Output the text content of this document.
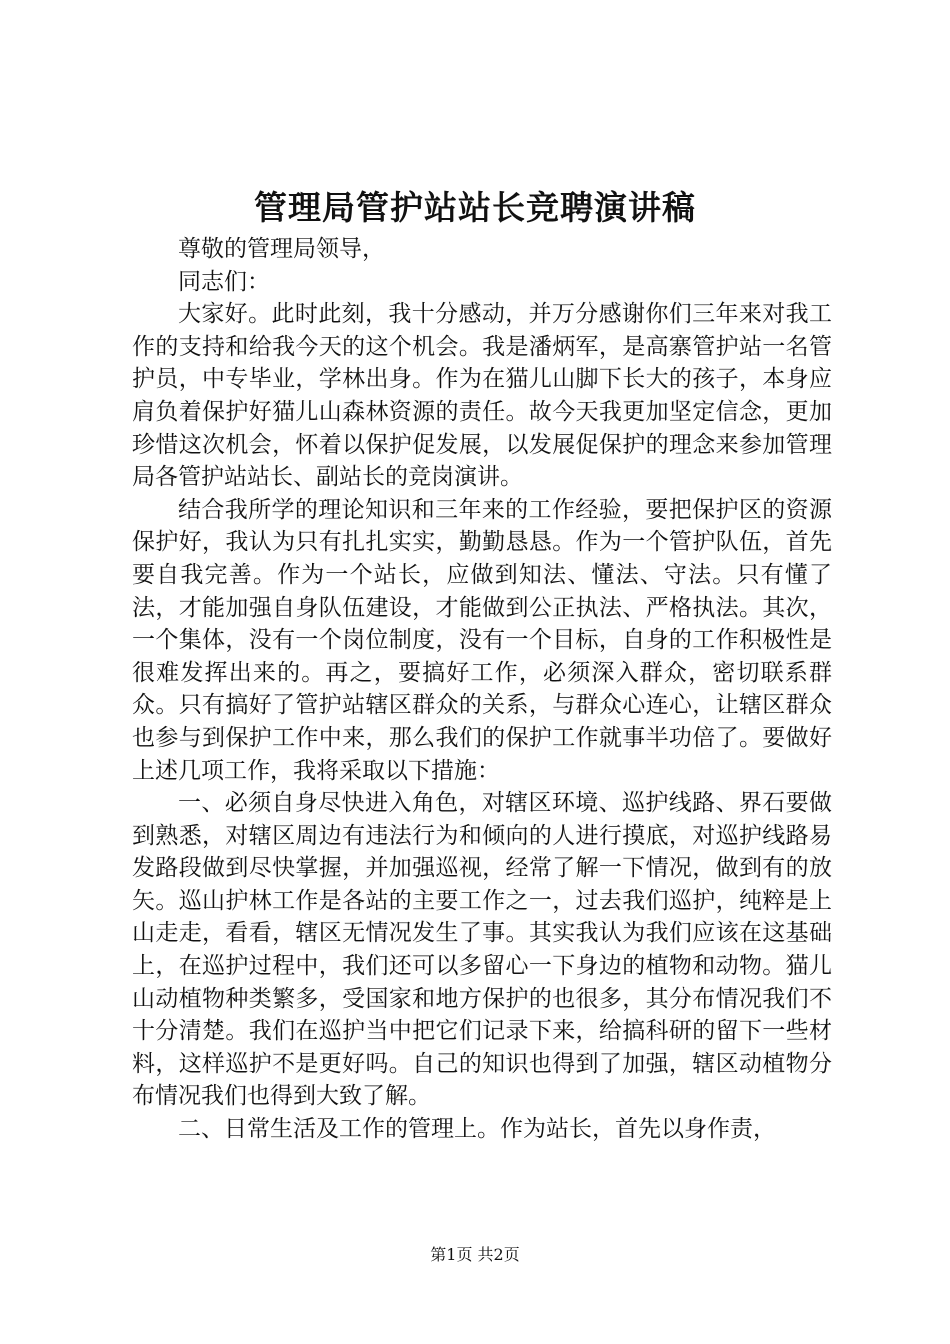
管理局管护站站长竞聘演讲稿

尊敬的管理局领导，

同志们：

大家好。此时此刻，我十分感动，并万分感谢你们三年来对我工作的支持和给我今天的这个机会。我是潘炳军，是高寨管护站一名管护员，中专毕业，学林出身。作为在猫儿山脚下长大的孩子，本身应肩负着保护好猫儿山森林资源的责任。故今天我更加坚定信念，更加珍惜这次机会，怀着以保护促发展，以发展促保护的理念来参加管理局各管护站站长、副站长的竞岗演讲。

结合我所学的理论知识和三年来的工作经验，要把保护区的资源保护好，我认为只有扎扎实实，勤勤恳恳。作为一个管护队伍，首先要自我完善。作为一个站长，应做到知法、懂法、守法。只有懂了法，才能加强自身队伍建设，才能做到公正执法、严格执法。其次，一个集体，没有一个岗位制度，没有一个目标，自身的工作积极性是很难发挥出来的。再之，要搞好工作，必须深入群众，密切联系群众。只有搞好了管护站辖区群众的关系，与群众心连心，让辖区群众也参与到保护工作中来，那么我们的保护工作就事半功倍了。要做好上述几项工作，我将采取以下措施：

一、必须自身尽快进入角色，对辖区环境、巡护线路、界石要做到熟悉，对辖区周边有违法行为和倾向的人进行摸底，对巡护线路易发路段做到尽快掌握，并加强巡视，经常了解一下情况，做到有的放矢。巡山护林工作是各站的主要工作之一，过去我们巡护，纯粹是上山走走，看看，辖区无情况发生了事。其实我认为我们应该在这基础上，在巡护过程中，我们还可以多留心一下身边的植物和动物。猫儿山动植物种类繁多，受国家和地方保护的也很多，其分布情况我们不十分清楚。我们在巡护当中把它们记录下来，给搞科研的留下一些材料，这样巡护不是更好吗。自己的知识也得到了加强，辖区动植物分布情况我们也得到大致了解。

二、日常生活及工作的管理上。作为站长，首先以身作责，

第1页 共2页
